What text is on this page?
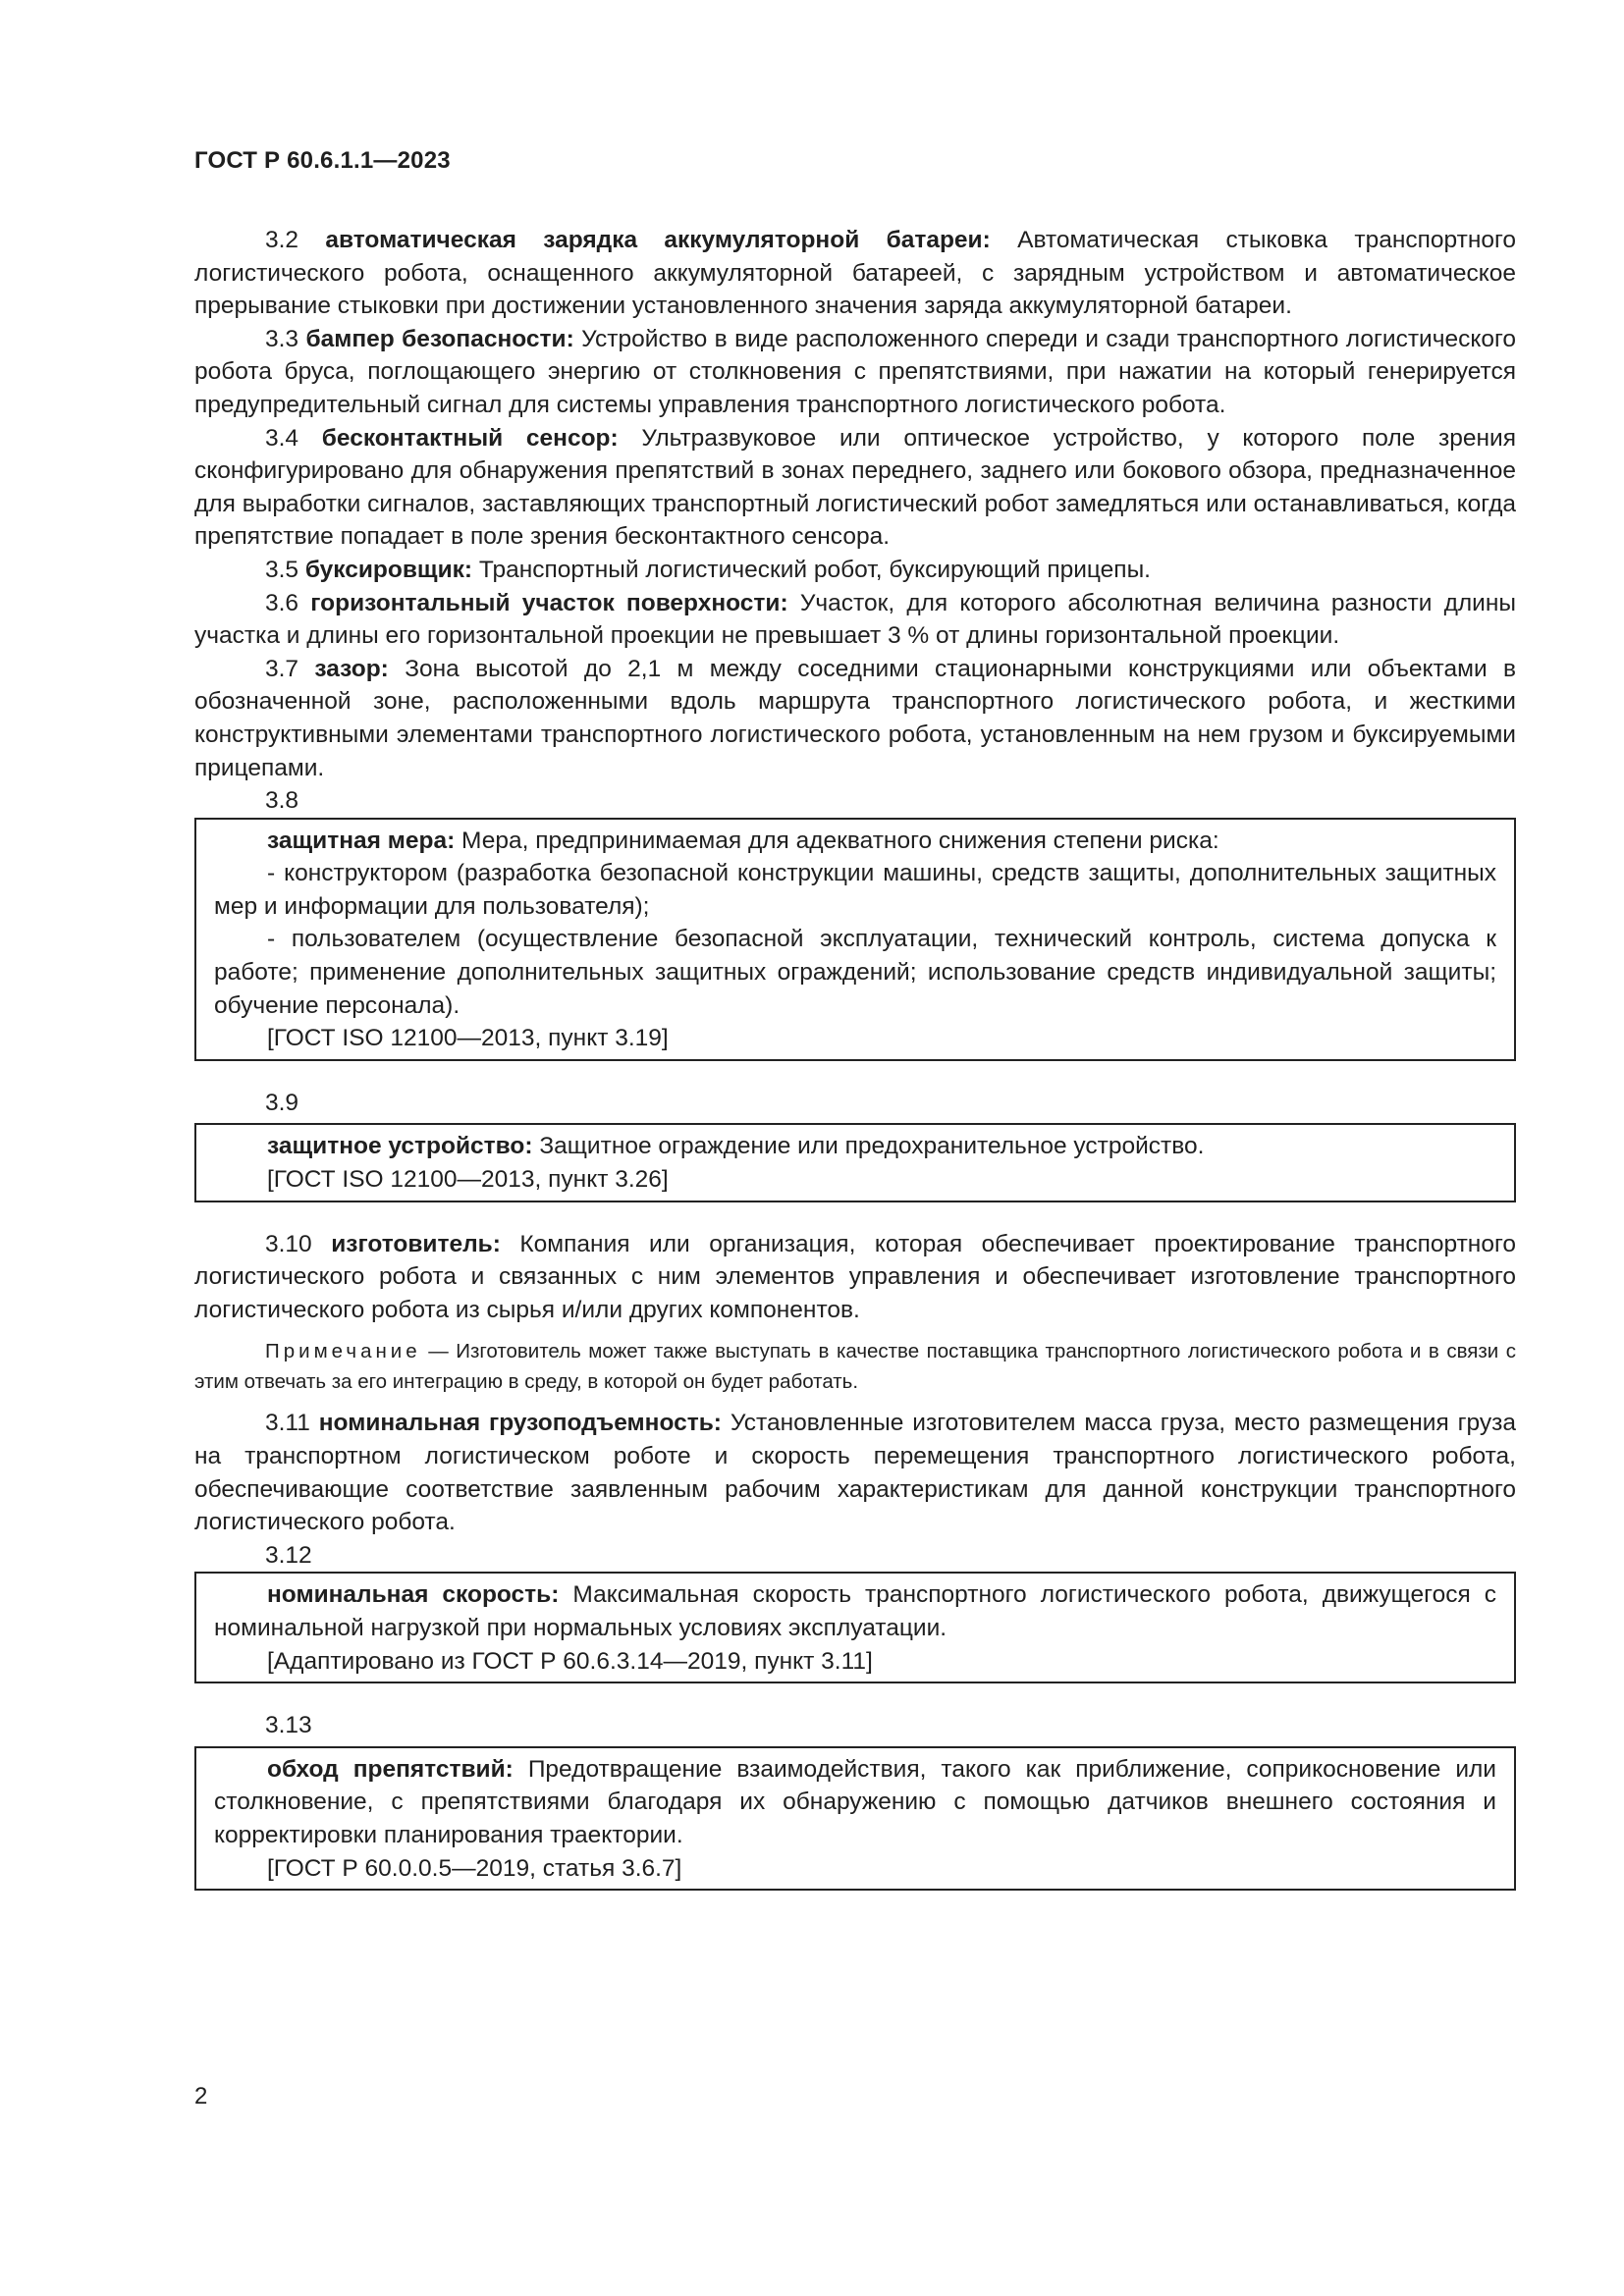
ГОСТ Р 60.6.1.1—2023

3.2 автоматическая зарядка аккумуляторной батареи: Автоматическая стыковка транспортного логистического робота, оснащенного аккумуляторной батареей, с зарядным устройством и автоматическое прерывание стыковки при достижении установленного значения заряда аккумуляторной батареи.

3.3 бампер безопасности: Устройство в виде расположенного спереди и сзади транспортного логистического робота бруса, поглощающего энергию от столкновения с препятствиями, при нажатии на который генерируется предупредительный сигнал для системы управления транспортного логистического робота.

3.4 бесконтактный сенсор: Ультразвуковое или оптическое устройство, у которого поле зрения сконфигурировано для обнаружения препятствий в зонах переднего, заднего или бокового обзора, предназначенное для выработки сигналов, заставляющих транспортный логистический робот замедляться или останавливаться, когда препятствие попадает в поле зрения бесконтактного сенсора.

3.5 буксировщик: Транспортный логистический робот, буксирующий прицепы.

3.6 горизонтальный участок поверхности: Участок, для которого абсолютная величина разности длины участка и длины его горизонтальной проекции не превышает 3 % от длины горизонтальной проекции.

3.7 зазор: Зона высотой до 2,1 м между соседними стационарными конструкциями или объектами в обозначенной зоне, расположенными вдоль маршрута транспортного логистического робота, и жесткими конструктивными элементами транспортного логистического робота, установленным на нем грузом и буксируемыми прицепами.

3.8

защитная мера: Мера, предпринимаемая для адекватного снижения степени риска:

- конструктором (разработка безопасной конструкции машины, средств защиты, дополнительных защитных мер и информации для пользователя);

- пользователем (осуществление безопасной эксплуатации, технический контроль, система допуска к работе; применение дополнительных защитных ограждений; использование средств индивидуальной защиты; обучение персонала).

[ГОСТ ISO 12100—2013, пункт 3.19]

3.9

защитное устройство: Защитное ограждение или предохранительное устройство.

[ГОСТ ISO 12100—2013, пункт 3.26]

3.10 изготовитель: Компания или организация, которая обеспечивает проектирование транспортного логистического робота и связанных с ним элементов управления и обеспечивает изготовление транспортного логистического робота из сырья и/или других компонентов.

Примечание — Изготовитель может также выступать в качестве поставщика транспортного логистического робота и в связи с этим отвечать за его интеграцию в среду, в которой он будет работать.

3.11 номинальная грузоподъемность: Установленные изготовителем масса груза, место размещения груза на транспортном логистическом роботе и скорость перемещения транспортного логистического робота, обеспечивающие соответствие заявленным рабочим характеристикам для данной конструкции транспортного логистического робота.

3.12

номинальная скорость: Максимальная скорость транспортного логистического робота, движущегося с номинальной нагрузкой при нормальных условиях эксплуатации.

[Адаптировано из ГОСТ Р 60.6.3.14—2019, пункт 3.11]

3.13

обход препятствий: Предотвращение взаимодействия, такого как приближение, соприкосновение или столкновение, с препятствиями благодаря их обнаружению с помощью датчиков внешнего состояния и корректировки планирования траектории.

[ГОСТ Р 60.0.0.5—2019, статья 3.6.7]

2
